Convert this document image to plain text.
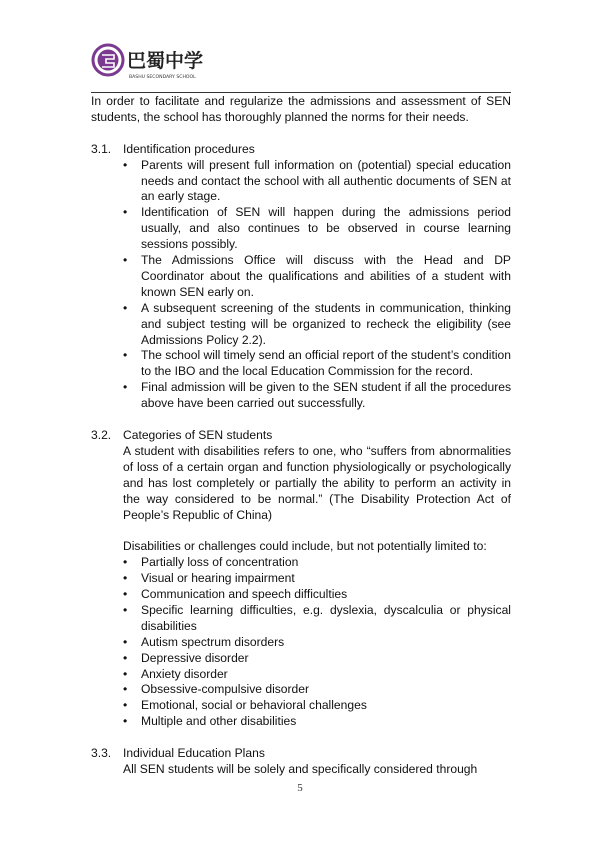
巴蜀中学
BASHU SECONDARY SCHOOL

In order to facilitate and regularize the admissions and assessment of SEN students, the school has thoroughly planned the norms for their needs.

3.1. Identification procedures
• Parents will present full information on (potential) special education needs and contact the school with all authentic documents of SEN at an early stage.
• Identification of SEN will happen during the admissions period usually, and also continues to be observed in course learning sessions possibly.
• The Admissions Office will discuss with the Head and DP Coordinator about the qualifications and abilities of a student with known SEN early on.
• A subsequent screening of the students in communication, thinking and subject testing will be organized to recheck the eligibility (see Admissions Policy 2.2).
• The school will timely send an official report of the student’s condition to the IBO and the local Education Commission for the record.
• Final admission will be given to the SEN student if all the procedures above have been carried out successfully.
3.2. Categories of SEN students

A student with disabilities refers to one, who “suffers from abnormalities of loss of a certain organ and function physiologically or psychologically and has lost completely or partially the ability to perform an activity in the way considered to be normal.” (The Disability Protection Act of People’s Republic of China)

Disabilities or challenges could include, but not potentially limited to:

• Partially loss of concentration
• Visual or hearing impairment
• Communication and speech difficulties
• Specific learning difficulties, e.g. dyslexia, dyscalculia or physical disabilities
• Autism spectrum disorders
• Depressive disorder
• Anxiety disorder
• Obsessive-compulsive disorder
• Emotional, social or behavioral challenges
• Multiple and other disabilities
3.3. Individual Education Plans

All SEN students will be solely and specifically considered through

5
